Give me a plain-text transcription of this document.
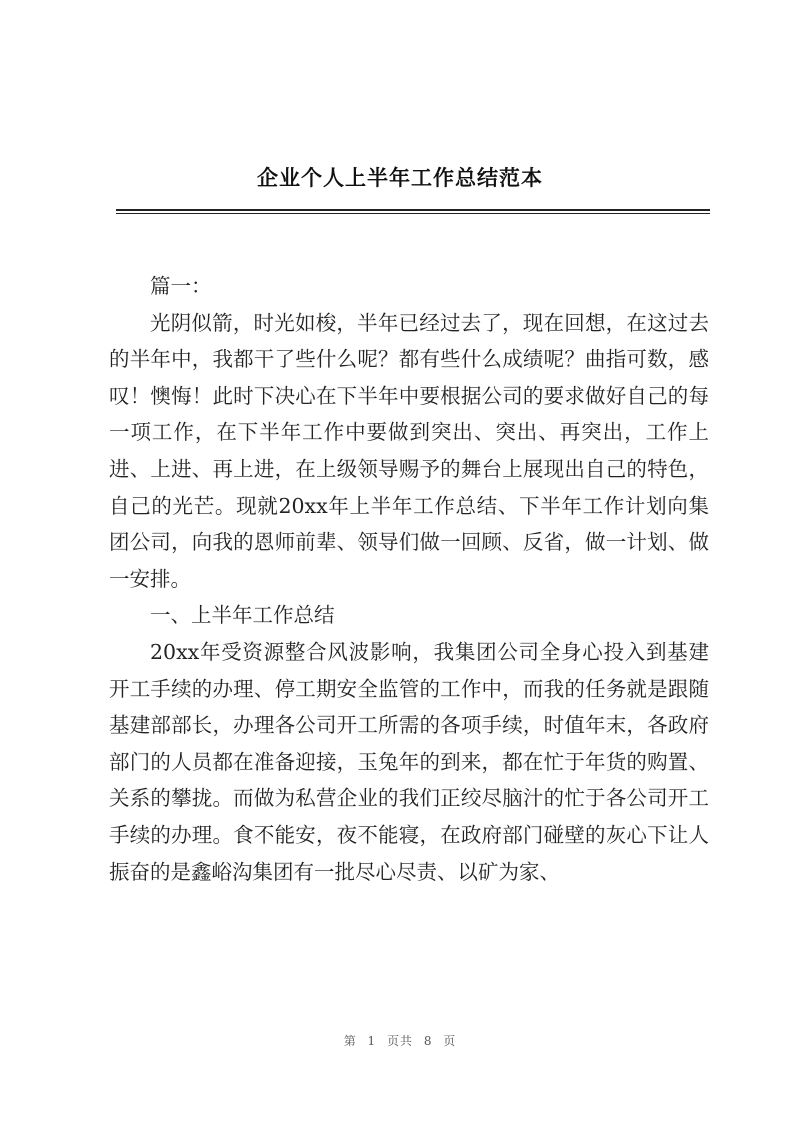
企业个人上半年工作总结范本

篇一：

光阴似箭，时光如梭，半年已经过去了，现在回想，在这过去的半年中，我都干了些什么呢？都有些什么成绩呢？曲指可数，感叹！懊悔！此时下决心在下半年中要根据公司的要求做好自己的每一项工作，在下半年工作中要做到突出、突出、再突出，工作上进、上进、再上进，在上级领导赐予的舞台上展现出自己的特色，自己的光芒。现就20xx年上半年工作总结、下半年工作计划向集团公司，向我的恩师前辈、领导们做一回顾、反省，做一计划、做一安排。

一、上半年工作总结

20xx年受资源整合风波影响，我集团公司全身心投入到基建开工手续的办理、停工期安全监管的工作中，而我的任务就是跟随基建部部长，办理各公司开工所需的各项手续，时值年末，各政府部门的人员都在准备迎接，玉兔年的到来，都在忙于年货的购置、关系的攀拢。而做为私营企业的我们正绞尽脑汁的忙于各公司开工手续的办理。食不能安，夜不能寝，在政府部门碰壁的灰心下让人振奋的是鑫峪沟集团有一批尽心尽责、以矿为家、

第 1 页共 8 页
